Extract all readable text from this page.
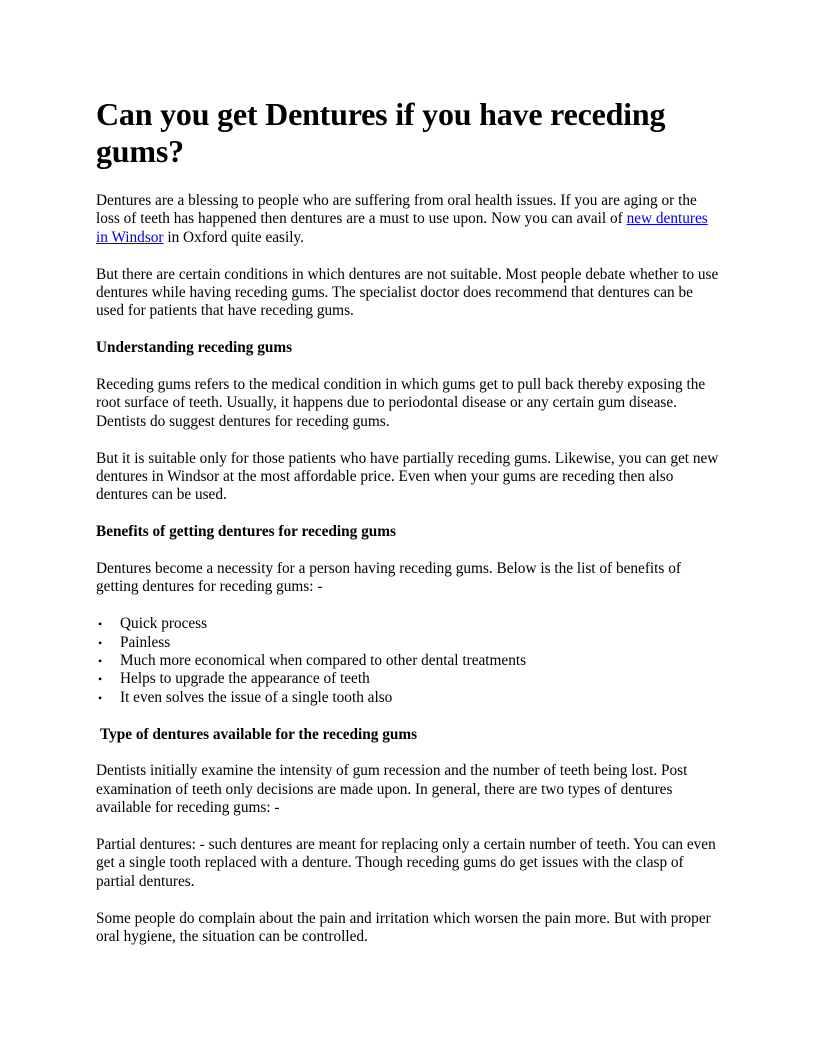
Can you get Dentures if you have receding gums?

Dentures are a blessing to people who are suffering from oral health issues. If you are aging or the loss of teeth has happened then dentures are a must to use upon. Now you can avail of new dentures in Windsor in Oxford quite easily.

But there are certain conditions in which dentures are not suitable. Most people debate whether to use dentures while having receding gums. The specialist doctor does recommend that dentures can be used for patients that have receding gums.

Understanding receding gums

Receding gums refers to the medical condition in which gums get to pull back thereby exposing the root surface of teeth. Usually, it happens due to periodontal disease or any certain gum disease. Dentists do suggest dentures for receding gums.

But it is suitable only for those patients who have partially receding gums. Likewise, you can get new dentures in Windsor at the most affordable price. Even when your gums are receding then also dentures can be used.

Benefits of getting dentures for receding gums

Dentures become a necessity for a person having receding gums. Below is the list of benefits of getting dentures for receding gums: -

• Quick process
• Painless
• Much more economical when compared to other dental treatments
• Helps to upgrade the appearance of teeth
• It even solves the issue of a single tooth also

Type of dentures available for the receding gums

Dentists initially examine the intensity of gum recession and the number of teeth being lost. Post examination of teeth only decisions are made upon. In general, there are two types of dentures available for receding gums: -

Partial dentures: - such dentures are meant for replacing only a certain number of teeth. You can even get a single tooth replaced with a denture. Though receding gums do get issues with the clasp of partial dentures.

Some people do complain about the pain and irritation which worsen the pain more. But with proper oral hygiene, the situation can be controlled.
